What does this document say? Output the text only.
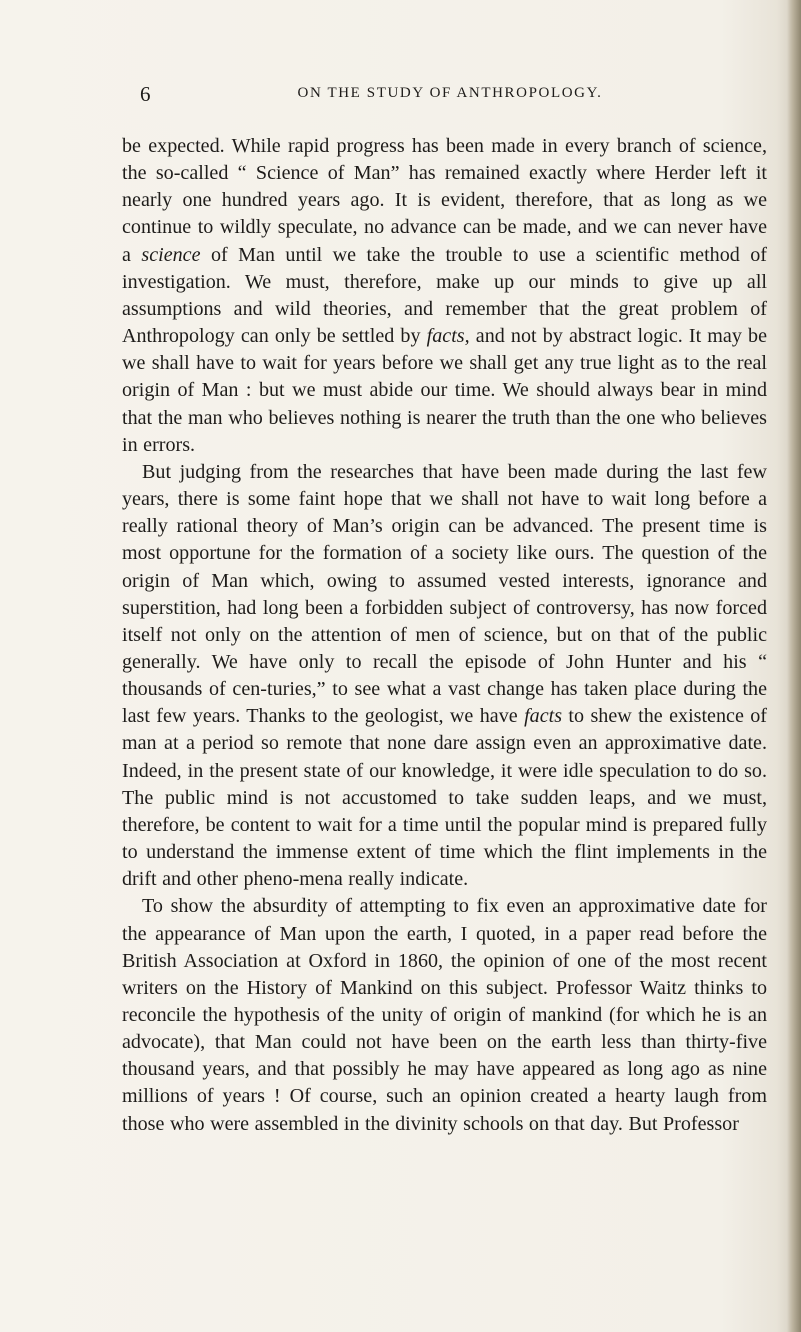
6	ON THE STUDY OF ANTHROPOLOGY.

be expected. While rapid progress has been made in every branch of science, the so-called “ Science of Man” has remained exactly where Herder left it nearly one hundred years ago. It is evident, therefore, that as long as we continue to wildly speculate, no advance can be made, and we can never have a science of Man until we take the trouble to use a scientific method of investigation. We must, therefore, make up our minds to give up all assumptions and wild theories, and remember that the great problem of Anthropology can only be settled by facts, and not by abstract logic. It may be we shall have to wait for years before we shall get any true light as to the real origin of Man : but we must abide our time. We should always bear in mind that the man who believes nothing is nearer the truth than the one who believes in errors.

But judging from the researches that have been made during the last few years, there is some faint hope that we shall not have to wait long before a really rational theory of Man’s origin can be advanced. The present time is most opportune for the formation of a society like ours. The question of the origin of Man which, owing to assumed vested interests, ignorance and superstition, had long been a forbidden subject of controversy, has now forced itself not only on the attention of men of science, but on that of the public generally. We have only to recall the episode of John Hunter and his “ thousands of cen-turies,” to see what a vast change has taken place during the last few years. Thanks to the geologist, we have facts to shew the existence of man at a period so remote that none dare assign even an approximative date. Indeed, in the present state of our knowledge, it were idle speculation to do so. The public mind is not accustomed to take sudden leaps, and we must, therefore, be content to wait for a time until the popular mind is prepared fully to understand the immense extent of time which the flint implements in the drift and other pheno-mena really indicate.

To show the absurdity of attempting to fix even an approximative date for the appearance of Man upon the earth, I quoted, in a paper read before the British Association at Oxford in 1860, the opinion of one of the most recent writers on the History of Mankind on this subject. Professor Waitz thinks to reconcile the hypothesis of the unity of origin of mankind (for which he is an advocate), that Man could not have been on the earth less than thirty-five thousand years, and that possibly he may have appeared as long ago as nine millions of years ! Of course, such an opinion created a hearty laugh from those who were assembled in the divinity schools on that day. But Professor
